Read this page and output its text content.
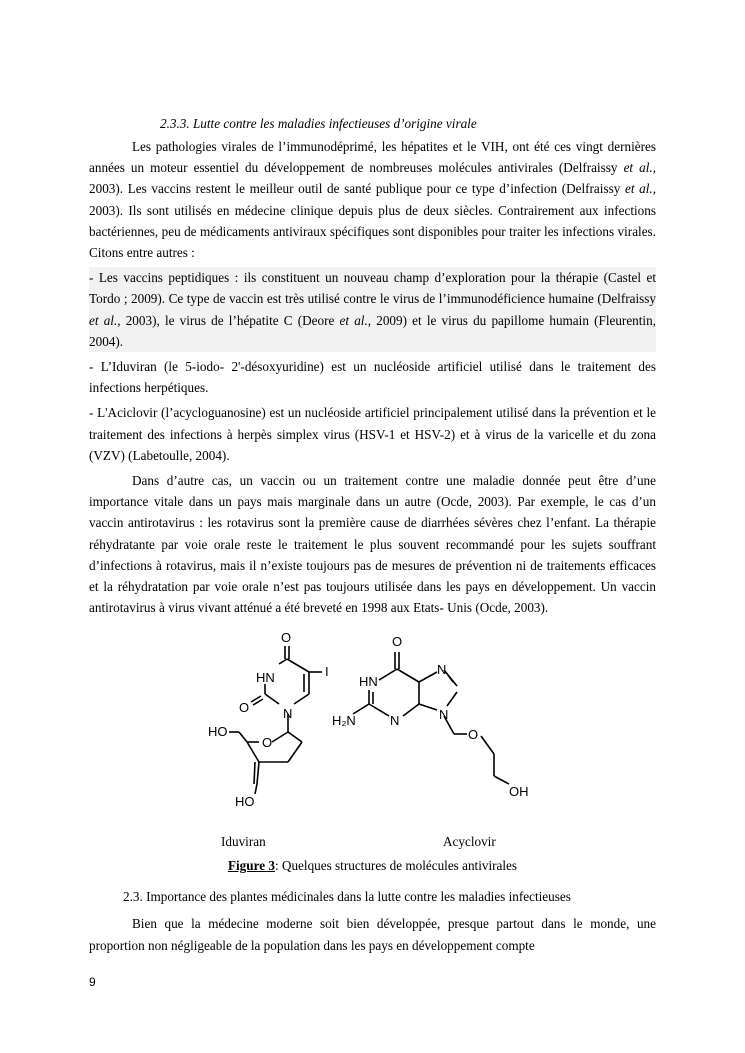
2.3.3. Lutte contre les maladies infectieuses d’origine virale

Les pathologies virales de l’immunodéprimé, les hépatites et le VIH, ont été ces vingt dernières années un moteur essentiel du développement de nombreuses molécules antivirales (Delfraissy et al., 2003). Les vaccins restent le meilleur outil de santé publique pour ce type d’infection (Delfraissy et al., 2003). Ils sont utilisés en médecine clinique depuis plus de deux siècles. Contrairement aux infections bactériennes, peu de médicaments antiviraux spécifiques sont disponibles pour traiter les infections virales. Citons entre autres :

- Les vaccins peptidiques : ils constituent un nouveau champ d’exploration pour la thérapie (Castel et Tordo ; 2009). Ce type de vaccin est très utilisé contre le virus de l’immunodéficience humaine (Delfraissy et al., 2003), le virus de l’hépatite C (Deore et al., 2009) et le virus du papillome humain (Fleurentin, 2004).

- L’Iduviran (le 5-iodo- 2'-désoxyuridine) est un nucléoside artificiel utilisé dans le traitement des infections herpétiques.

- L'Aciclovir (l’acycloguanosine) est un nucléoside artificiel principalement utilisé dans la prévention et le traitement des infections à herpès simplex virus (HSV-1 et HSV-2) et à virus de la varicelle et du zona (VZV) (Labetoulle, 2004).

Dans d’autre cas, un vaccin ou un traitement contre une maladie donnée peut être d’une importance vitale dans un pays mais marginale dans un autre (Ocde, 2003). Par exemple, le cas d’un vaccin antirotavirus : les rotavirus sont la première cause de diarrhées sévères chez l’enfant. La thérapie réhydratante par voie orale reste le traitement le plus souvent recommandé pour les sujets souffrant d’infections à rotavirus, mais il n’existe toujours pas de mesures de prévention ni de traitements efficaces et la réhydratation par voie orale n’est pas toujours utilisée dans les pays en développement. Un vaccin antirotavirus à virus vivant atténué a été breveté en 1998 aux Etats- Unis (Ocde, 2003).

O
I
HN
O	N
O
HO
HO
O
HN
N
N
N
H₂N
O
OH
Iduviran	Acyclovir
Figure 3: Quelques structures de molécules antivirales

2.3. Importance des plantes médicinales dans la lutte contre les maladies infectieuses

Bien que la médecine moderne soit bien développée, presque partout dans le monde, une proportion non négligeable de la population dans les pays en développement compte

9
